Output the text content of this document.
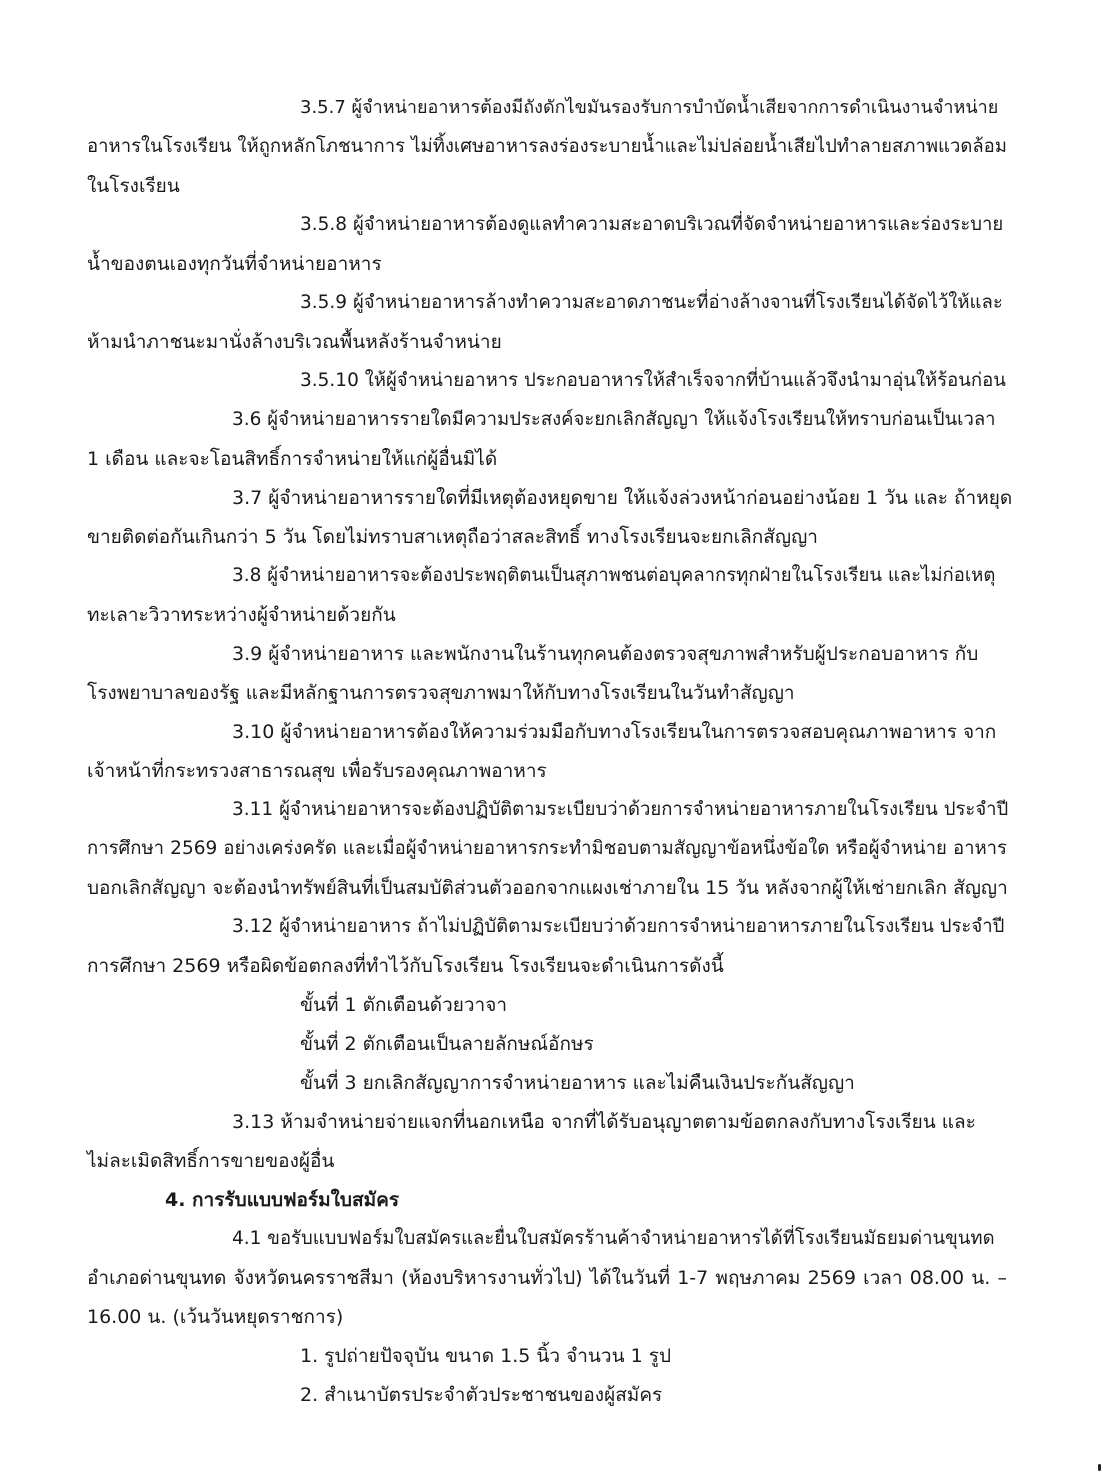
3.5.7 ผู้จำหน่ายอาหารต้องมีถังดักไขมันรองรับการบำบัดน้ำเสียจากการดำเนินงานจำหน่าย

อาหารในโรงเรียน ให้ถูกหลักโภชนาการ ไม่ทิ้งเศษอาหารลงร่องระบายน้ำและไม่ปล่อยน้ำเสียไปทำลายสภาพแวดล้อม

ในโรงเรียน

3.5.8 ผู้จำหน่ายอาหารต้องดูแลทำความสะอาดบริเวณที่จัดจำหน่ายอาหารและร่องระบาย

น้ำของตนเองทุกวันที่จำหน่ายอาหาร

3.5.9 ผู้จำหน่ายอาหารล้างทำความสะอาดภาชนะที่อ่างล้างจานที่โรงเรียนได้จัดไว้ให้และ

ห้ามนำภาชนะมานั่งล้างบริเวณพื้นหลังร้านจำหน่าย

3.5.10 ให้ผู้จำหน่ายอาหาร ประกอบอาหารให้สำเร็จจากที่บ้านแล้วจึงนำมาอุ่นให้ร้อนก่อน

3.6 ผู้จำหน่ายอาหารรายใดมีความประสงค์จะยกเลิกสัญญา ให้แจ้งโรงเรียนให้ทราบก่อนเป็นเวลา

1 เดือน และจะโอนสิทธิ์การจำหน่ายให้แก่ผู้อื่นมิได้

3.7 ผู้จำหน่ายอาหารรายใดที่มีเหตุต้องหยุดขาย ให้แจ้งล่วงหน้าก่อนอย่างน้อย 1 วัน และ ถ้าหยุด

ขายติดต่อกันเกินกว่า 5 วัน โดยไม่ทราบสาเหตุถือว่าสละสิทธิ์ ทางโรงเรียนจะยกเลิกสัญญา

3.8 ผู้จำหน่ายอาหารจะต้องประพฤติตนเป็นสุภาพชนต่อบุคลากรทุกฝ่ายในโรงเรียน และไม่ก่อเหตุ

ทะเลาะวิวาทระหว่างผู้จำหน่ายด้วยกัน

3.9 ผู้จำหน่ายอาหาร และพนักงานในร้านทุกคนต้องตรวจสุขภาพสำหรับผู้ประกอบอาหาร กับ

โรงพยาบาลของรัฐ และมีหลักฐานการตรวจสุขภาพมาให้กับทางโรงเรียนในวันทำสัญญา

3.10 ผู้จำหน่ายอาหารต้องให้ความร่วมมือกับทางโรงเรียนในการตรวจสอบคุณภาพอาหาร จาก

เจ้าหน้าที่กระทรวงสาธารณสุข เพื่อรับรองคุณภาพอาหาร

3.11 ผู้จำหน่ายอาหารจะต้องปฏิบัติตามระเบียบว่าด้วยการจำหน่ายอาหารภายในโรงเรียน ประจำปี

การศึกษา 2569 อย่างเคร่งครัด และเมื่อผู้จำหน่ายอาหารกระทำมิชอบตามสัญญาข้อหนึ่งข้อใด หรือผู้จำหน่าย อาหาร

บอกเลิกสัญญา จะต้องนำทรัพย์สินที่เป็นสมบัติส่วนตัวออกจากแผงเช่าภายใน 15 วัน หลังจากผู้ให้เช่ายกเลิก สัญญา

3.12 ผู้จำหน่ายอาหาร ถ้าไม่ปฏิบัติตามระเบียบว่าด้วยการจำหน่ายอาหารภายในโรงเรียน ประจำปี

การศึกษา 2569 หรือผิดข้อตกลงที่ทำไว้กับโรงเรียน โรงเรียนจะดำเนินการดังนี้

ขั้นที่ 1 ตักเตือนด้วยวาจา

ขั้นที่ 2 ตักเตือนเป็นลายลักษณ์อักษร

ขั้นที่ 3 ยกเลิกสัญญาการจำหน่ายอาหาร และไม่คืนเงินประกันสัญญา

3.13 ห้ามจำหน่ายจ่ายแจกที่นอกเหนือ จากที่ได้รับอนุญาตตามข้อตกลงกับทางโรงเรียน และ

ไม่ละเมิดสิทธิ์การขายของผู้อื่น

4. การรับแบบฟอร์มใบสมัคร

4.1 ขอรับแบบฟอร์มใบสมัครและยื่นใบสมัครร้านค้าจำหน่ายอาหารได้ที่โรงเรียนมัธยมด่านขุนทด

อำเภอด่านขุนทด จังหวัดนครราชสีมา (ห้องบริหารงานทั่วไป) ได้ในวันที่ 1-7 พฤษภาคม 2569 เวลา 08.00 น. –

16.00 น. (เว้นวันหยุดราชการ)

1. รูปถ่ายปัจจุบัน ขนาด 1.5 นิ้ว จำนวน 1 รูป

2. สำเนาบัตรประจำตัวประชาชนของผู้สมัคร
